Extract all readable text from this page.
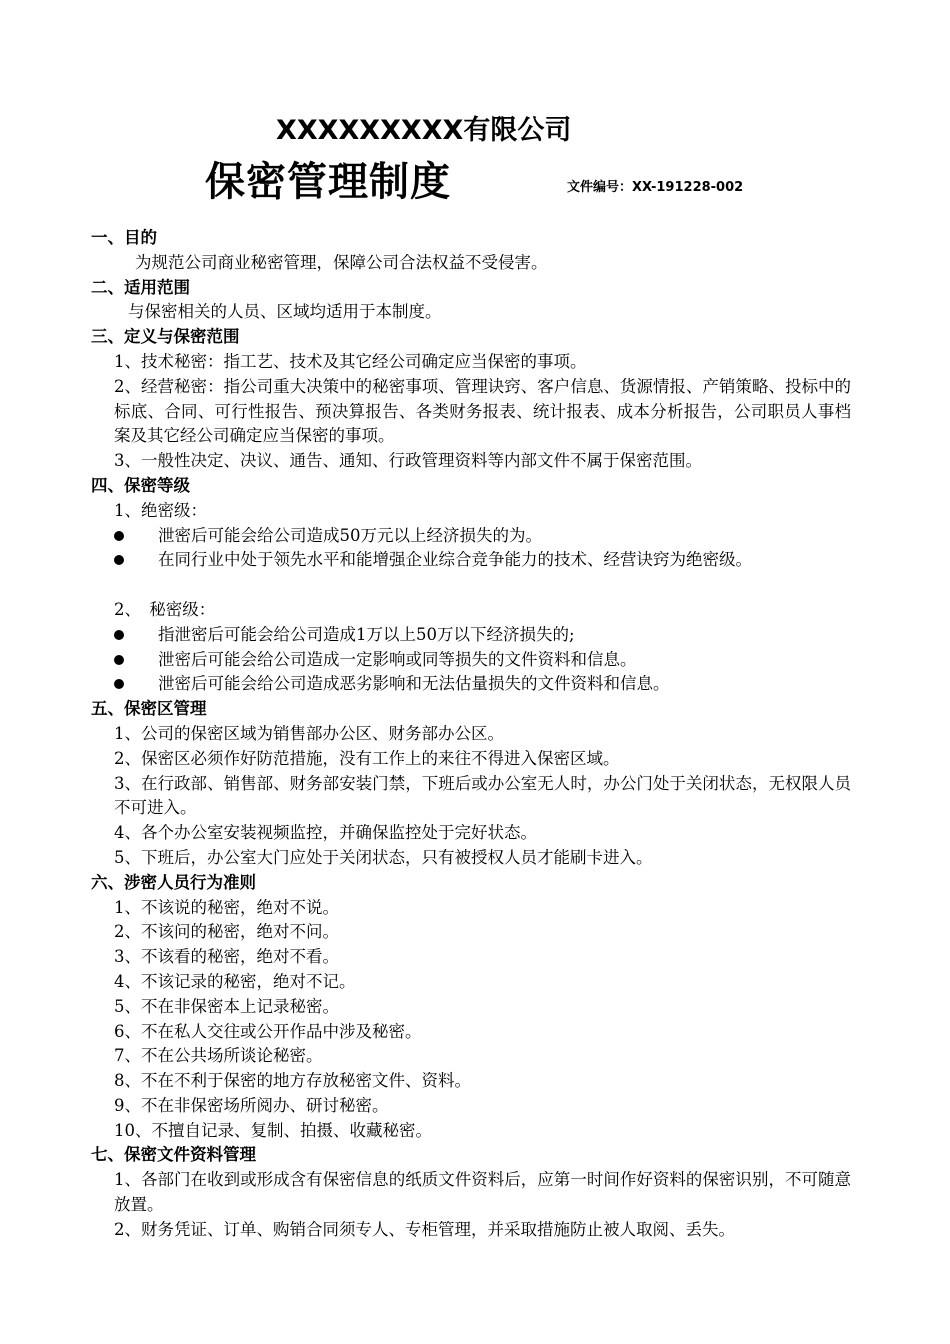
XXXXXXXXX有限公司
保密管理制度	文件编号：XX-191228-002
一、目的
为规范公司商业秘密管理，保障公司合法权益不受侵害。
二、适用范围
与保密相关的人员、区域均适用于本制度。
三、定义与保密范围
1、技术秘密：指工艺、技术及其它经公司确定应当保密的事项。
2、经营秘密：指公司重大决策中的秘密事项、管理诀窍、客户信息、货源情报、产销策略、投标中的标底、合同、可行性报告、预决算报告、各类财务报表、统计报表、成本分析报告，公司职员人事档案及其它经公司确定应当保密的事项。
3、一般性决定、决议、通告、通知、行政管理资料等内部文件不属于保密范围。
四、保密等级
1、绝密级：
泄密后可能会给公司造成50万元以上经济损失的为。
在同行业中处于领先水平和能增强企业综合竞争能力的技术、经营诀窍为绝密级。
2、　秘密级：
指泄密后可能会给公司造成1万以上50万以下经济损失的;
泄密后可能会给公司造成一定影响或同等损失的文件资料和信息。
泄密后可能会给公司造成恶劣影响和无法估量损失的文件资料和信息。
五、保密区管理
1、公司的保密区域为销售部办公区、财务部办公区。
2、保密区必须作好防范措施，没有工作上的来往不得进入保密区域。
3、在行政部、销售部、财务部安装门禁，下班后或办公室无人时，办公门处于关闭状态，无权限人员不可进入。
4、各个办公室安装视频监控，并确保监控处于完好状态。
5、下班后，办公室大门应处于关闭状态，只有被授权人员才能刷卡进入。
六、涉密人员行为准则
1、不该说的秘密，绝对不说。
2、不该问的秘密，绝对不问。
3、不该看的秘密，绝对不看。
4、不该记录的秘密，绝对不记。
5、不在非保密本上记录秘密。
6、不在私人交往或公开作品中涉及秘密。
7、不在公共场所谈论秘密。
8、不在不利于保密的地方存放秘密文件、资料。
9、不在非保密场所阅办、研讨秘密。
10、不擅自记录、复制、拍摄、收藏秘密。
七、保密文件资料管理
1、各部门在收到或形成含有保密信息的纸质文件资料后，应第一时间作好资料的保密识别，不可随意放置。
2、财务凭证、订单、购销合同须专人、专柜管理，并采取措施防止被人取阅、丢失。
